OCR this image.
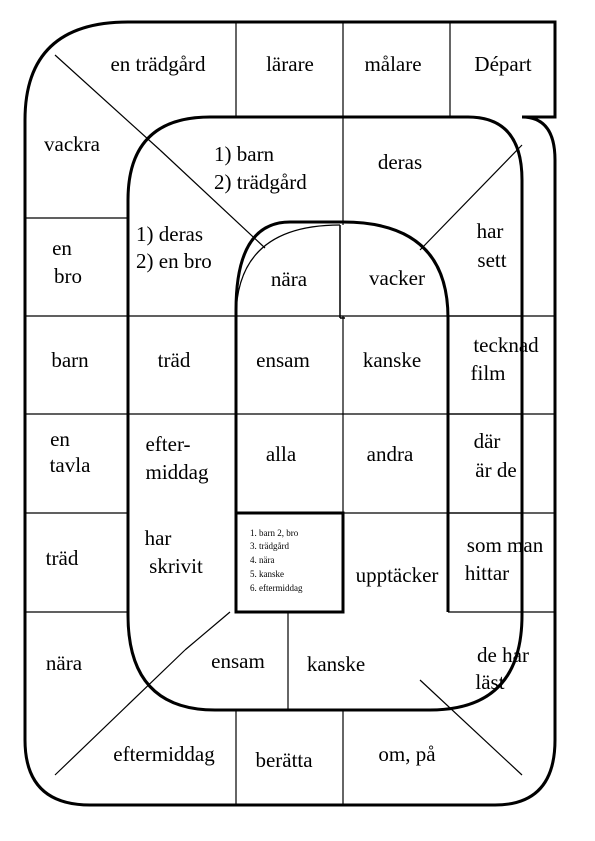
Départ
en trädgård	lärare målare
vackra
en
bro
barn
en
tavla
träd
nära
eftermiddag berätta	om, på
de har
läst
som man
hittar
där
är de
tecknad
film
har
sett
1) barn
2) trädgård
deras
vacker
kanske
andra
upptäcker
kanske
ensam
har
skrivit
efter-
middag
träd
1) deras
2) en bro
nära
ensam
alla
1. barn 2, bro
3. trädgård
4. nära
5. kanske
6. eftermiddag
